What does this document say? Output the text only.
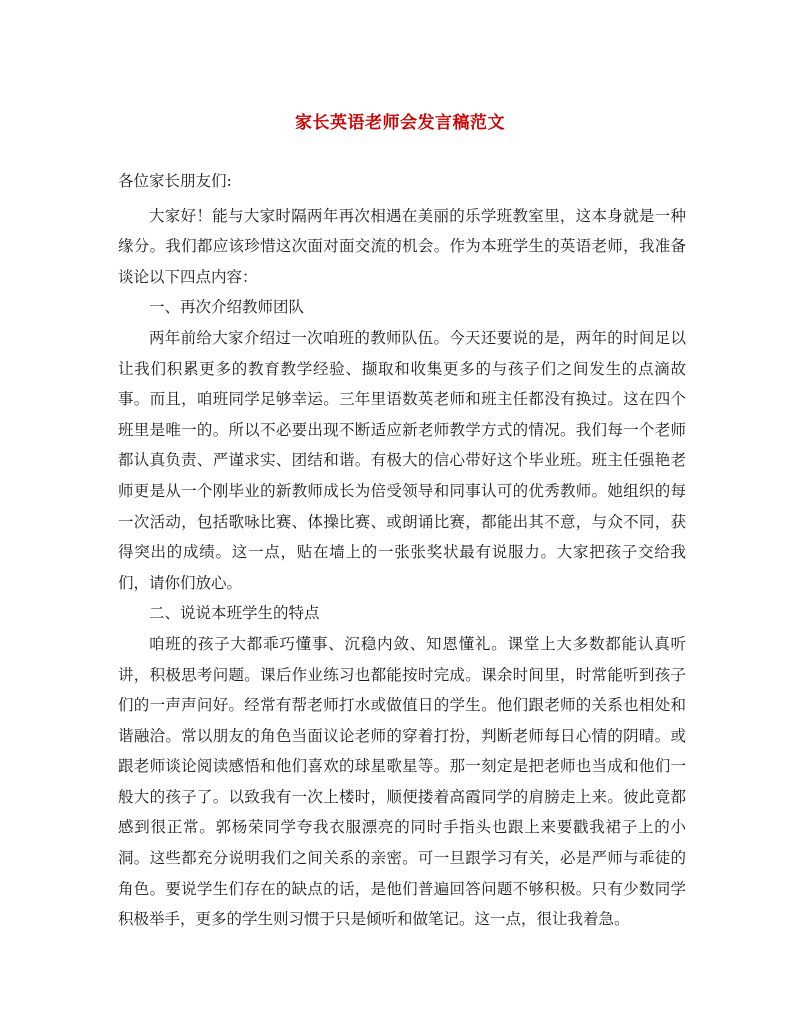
家长英语老师会发言稿范文

各位家长朋友们:

大家好！能与大家时隔两年再次相遇在美丽的乐学班教室里，这本身就是一种缘分。我们都应该珍惜这次面对面交流的机会。作为本班学生的英语老师，我准备谈论以下四点内容：

一、再次介绍教师团队

两年前给大家介绍过一次咱班的教师队伍。今天还要说的是，两年的时间足以让我们积累更多的教育教学经验、撷取和收集更多的与孩子们之间发生的点滴故事。而且，咱班同学足够幸运。三年里语数英老师和班主任都没有换过。这在四个班里是唯一的。所以不必要出现不断适应新老师教学方式的情况。我们每一个老师都认真负责、严谨求实、团结和谐。有极大的信心带好这个毕业班。班主任强艳老师更是从一个刚毕业的新教师成长为倍受领导和同事认可的优秀教师。她组织的每一次活动，包括歌咏比赛、体操比赛、或朗诵比赛，都能出其不意，与众不同，获得突出的成绩。这一点，贴在墙上的一张张奖状最有说服力。大家把孩子交给我们，请你们放心。

二、说说本班学生的特点

咱班的孩子大都乖巧懂事、沉稳内敛、知恩懂礼。课堂上大多数都能认真听讲，积极思考问题。课后作业练习也都能按时完成。课余时间里，时常能听到孩子们的一声声问好。经常有帮老师打水或做值日的学生。他们跟老师的关系也相处和谐融洽。常以朋友的角色当面议论老师的穿着打扮，判断老师每日心情的阴晴。或跟老师谈论阅读感悟和他们喜欢的球星歌星等。那一刻定是把老师也当成和他们一般大的孩子了。以致我有一次上楼时，顺便搂着高霞同学的肩膀走上来。彼此竟都感到很正常。郭杨荣同学夸我衣服漂亮的同时手指头也跟上来要戳我裙子上的小洞。这些都充分说明我们之间关系的亲密。可一旦跟学习有关，必是严师与乖徒的角色。要说学生们存在的缺点的话，是他们普遍回答问题不够积极。只有少数同学积极举手，更多的学生则习惯于只是倾听和做笔记。这一点，很让我着急。
